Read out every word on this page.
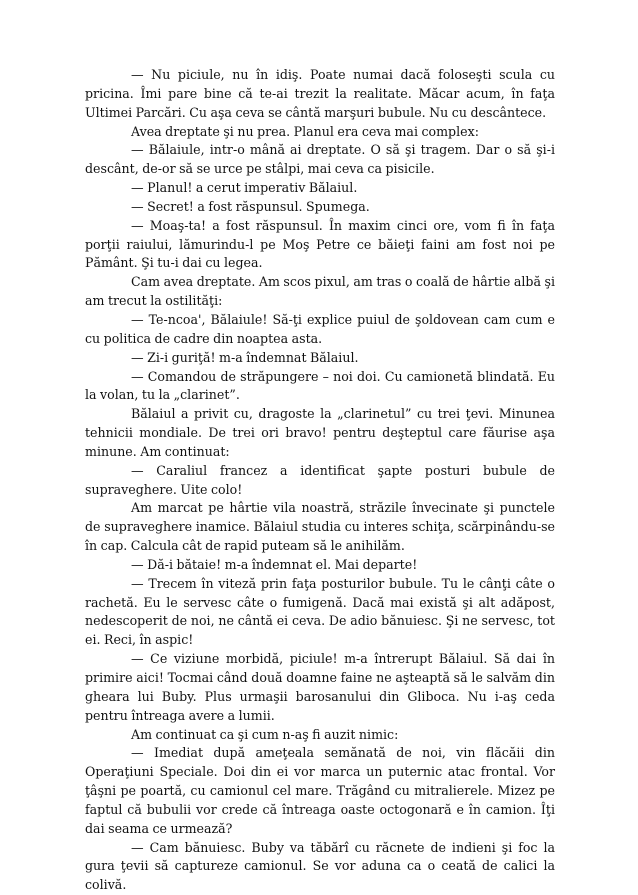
— Nu piciule, nu în idiş. Poate numai dacă foloseşti scula cu pricina. Îmi pare bine că te-ai trezit la realitate. Măcar acum, în faţa Ultimei Parcări. Cu aşa ceva se cântă marşuri bubule. Nu cu descântece.

Avea dreptate şi nu prea. Planul era ceva mai complex:

— Bălaiule, intr-o mână ai dreptate. O să şi tragem. Dar o să şi-i descânt, de-or să se urce pe stâlpi, mai ceva ca pisicile.

— Planul! a cerut imperativ Bălaiul.

— Secret! a fost răspunsul. Spumega.

— Moaş-ta! a fost răspunsul. În maxim cinci ore, vom fi în faţa porţii raiului, lămurindu-l pe Moş Petre ce băieţi faini am fost noi pe Pământ. Şi tu-i dai cu legea.

Cam avea dreptate. Am scos pixul, am tras o coală de hârtie albă şi am trecut la ostilităţi:

— Te-ncoa', Bălaiule! Să-ţi explice puiul de şoldovean cam cum e cu politica de cadre din noaptea asta.

— Zi-i guriţă! m-a îndemnat Bălaiul.

— Comandou de străpungere – noi doi. Cu camionetă blindată. Eu la volan, tu la „clarinet”.

Bălaiul a privit cu, dragoste la „clarinetul” cu trei ţevi. Minunea tehnicii mondiale. De trei ori bravo! pentru deşteptul care făurise aşa minune. Am continuat:

— Caraliul francez a identificat şapte posturi bubule de supraveghere. Uite colo!

Am marcat pe hârtie vila noastră, străzile învecinate şi punctele de supraveghere inamice. Bălaiul studia cu interes schiţa, scărpinându-se în cap. Calcula cât de rapid puteam să le anihilăm.

— Dă-i bătaie! m-a îndemnat el. Mai departe!

— Trecem în viteză prin faţa posturilor bubule. Tu le cânţi câte o rachetă. Eu le servesc câte o fumigenă. Dacă mai există şi alt adăpost, nedescoperit de noi, ne cântă ei ceva. De adio bănuiesc. Şi ne servesc, tot ei. Reci, în aspic!

— Ce viziune morbidă, piciule! m-a întrerupt Bălaiul. Să dai în primire aici! Tocmai când două doamne faine ne aşteaptă să le salvăm din ghearа lui Buby. Plus urmaşii barosanului din Gliboca. Nu i-aş ceda pentru întreaga avere a lumii.

Am continuat ca şi cum n-aş fi auzit nimic:

— Imediat după ameţeala semănată de noi, vin flăcăii din Operaţiuni Speciale. Doi din ei vor marca un puternic atac frontal. Vor ţâşni pe poartă, cu camionul cel mare. Trăgând cu mitralierele. Mizez pe faptul că bubulii vor crede că întreaga oaste octogonară e în camion. Îţi dai seama ce urmează?

— Cam bănuiesc. Buby va tăbărî cu răcnete de indieni şi foc la gura ţevii să captureze camionul. Se vor aduna ca o ceată de calici la colivă.
